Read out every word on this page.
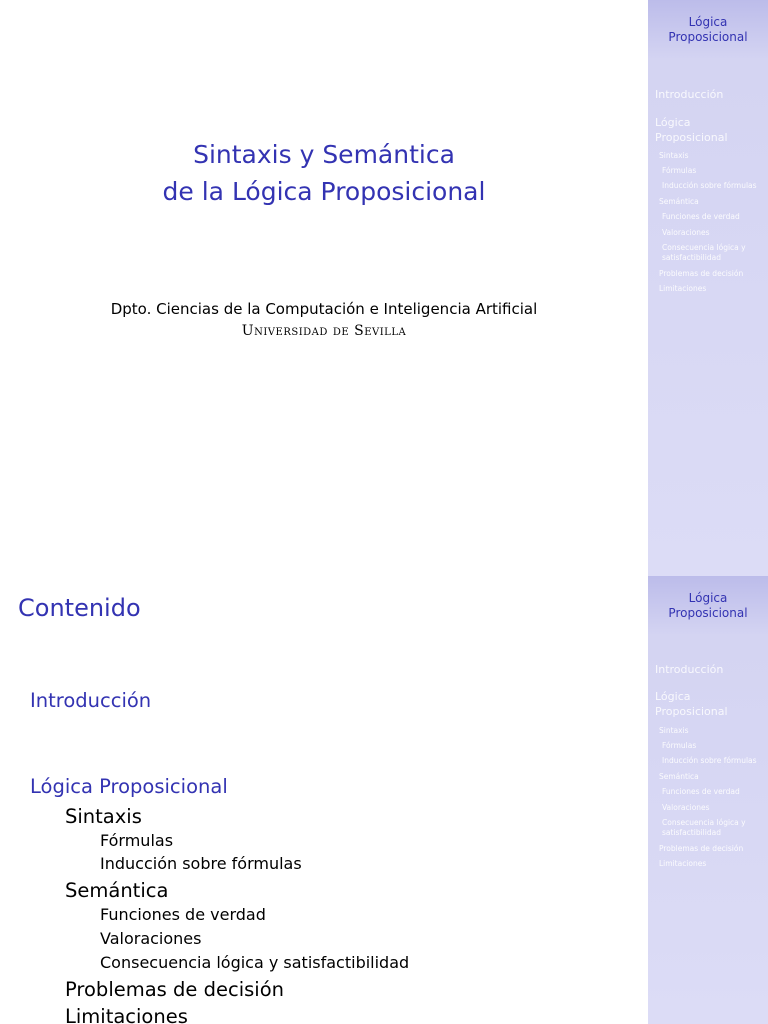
Sintaxis y Semántica
de la Lógica Proposicional
Dpto. Ciencias de la Computación e Inteligencia Artificial
Universidad de Sevilla
Lógica
Proposicional
Introducción
Lógica
Proposicional
Sintaxis
Fórmulas
Inducción sobre fórmulas
Semántica
Funciones de verdad
Valoraciones
Consecuencia lógica y
satisfactibilidad
Problemas de decisión
Limitaciones
Contenido
Introducción
Lógica Proposicional
Sintaxis
Fórmulas
Inducción sobre fórmulas
Semántica
Funciones de verdad
Valoraciones
Consecuencia lógica y satisfactibilidad
Problemas de decisión
Limitaciones
Lógica
Proposicional
Introducción
Lógica
Proposicional
Sintaxis
Fórmulas
Inducción sobre fórmulas
Semántica
Funciones de verdad
Valoraciones
Consecuencia lógica y
satisfactibilidad
Problemas de decisión
Limitaciones
